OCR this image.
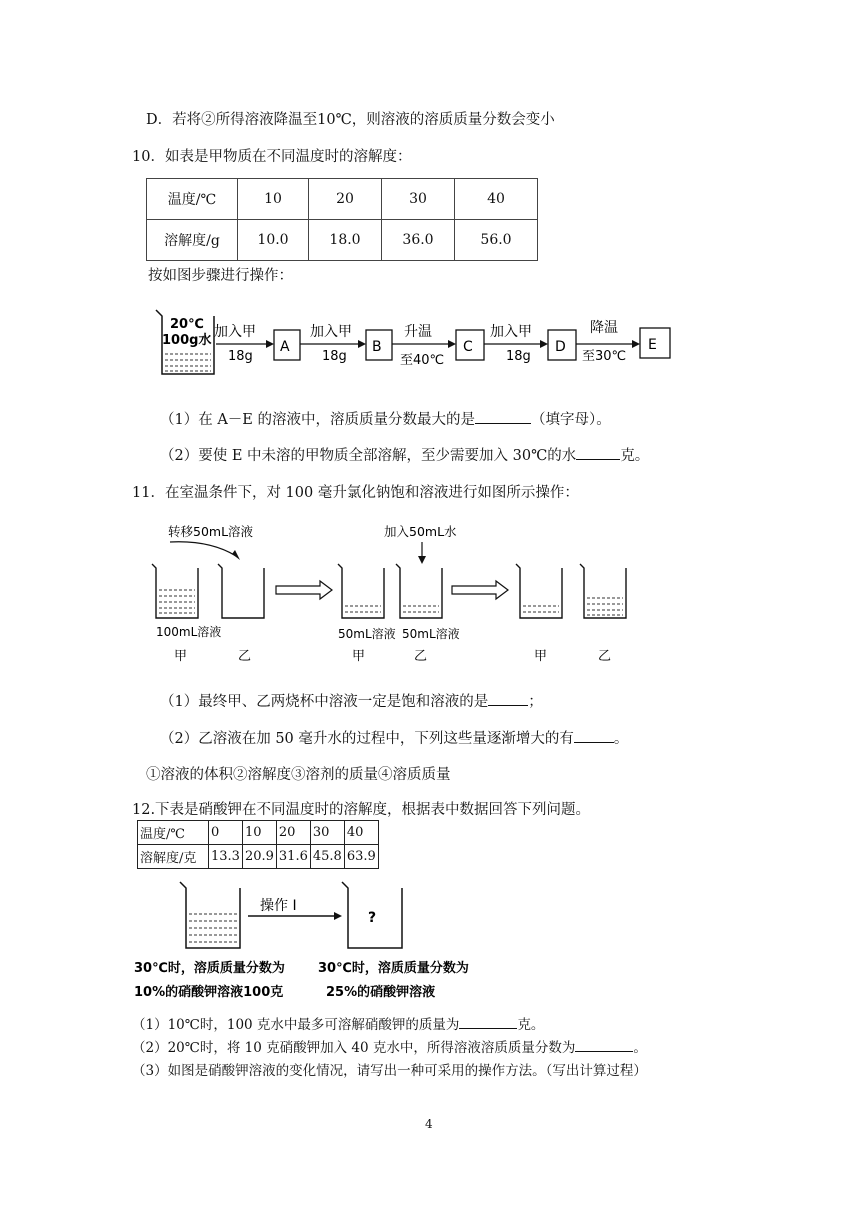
D．若将②所得溶液降温至10℃，则溶液的溶质质量分数会变小
10．如表是甲物质在不同温度时的溶解度：
温度/℃	10	20	30	40
溶解度/g	10.0	18.0	36.0	56.0
按如图步骤进行操作：
20℃
100g水
加入甲
18g
A
加入甲
18g
B
升温
至40℃
C
加入甲
18g
D
降温
至30℃
E
（1）在 A－E 的溶液中，溶质质量分数最大的是	（填字母）。
（2）要使 E 中未溶的甲物质全部溶解，至少需要加入 30℃的水	克。
11．在室温条件下，对 100 毫升氯化钠饱和溶液进行如图所示操作：
转移50mL溶液
100mL溶液
甲	乙
加入50mL水
50mL溶液 50mL溶液
甲	乙	甲	乙
（1）最终甲、乙两烧杯中溶液一定是饱和溶液的是	；
（2）乙溶液在加 50 毫升水的过程中，下列这些量逐渐增大的有	。
①溶液的体积②溶解度③溶剂的质量④溶质质量
12.下表是硝酸钾在不同温度时的溶解度，根据表中数据回答下列问题。
温度/℃	0	10	20	30	40
溶解度/克	13.3	20.9	31.6	45.8	63.9
操作 I
?
30℃时，溶质质量分数为
10%的硝酸钾溶液100克
30℃时，溶质质量分数为
25%的硝酸钾溶液
（1）10℃时，100 克水中最多可溶解硝酸钾的质量为	克。
（2）20℃时，将 10 克硝酸钾加入 40 克水中，所得溶液溶质质量分数为	。
（3）如图是硝酸钾溶液的变化情况，请写出一种可采用的操作方法。（写出计算过程）
4
